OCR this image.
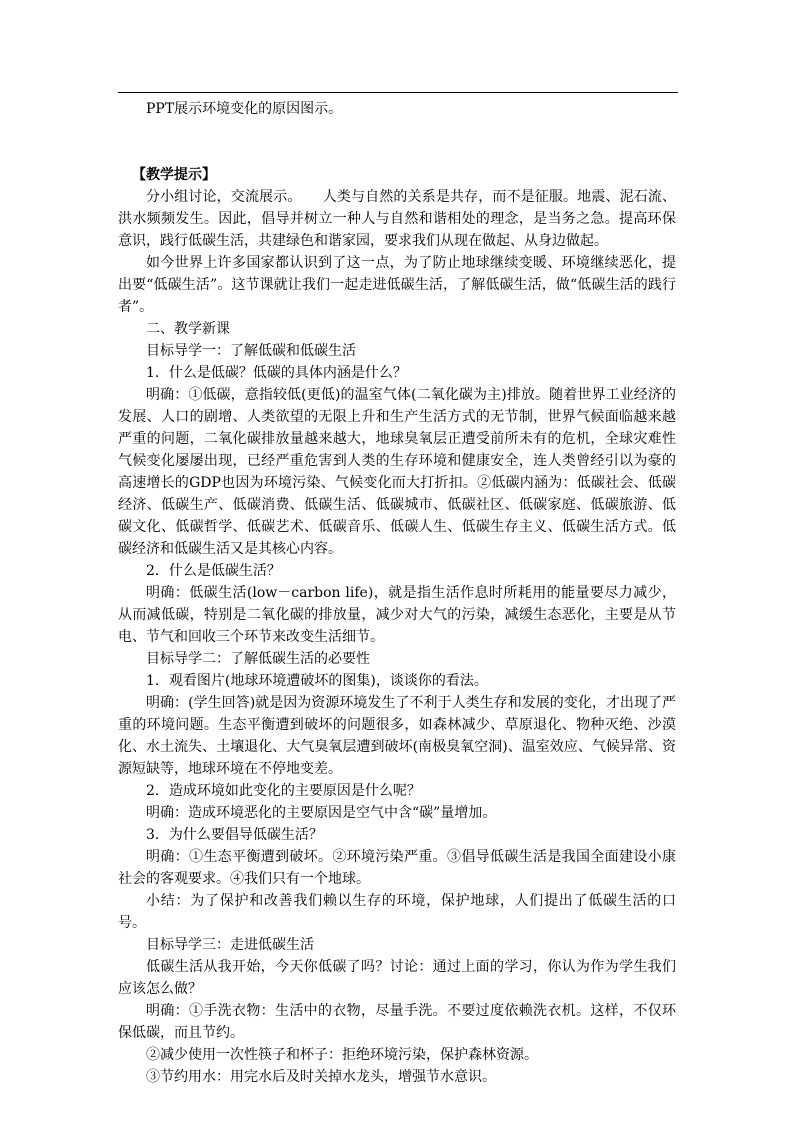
PPT展示环境变化的原因图示。

【教学提示】

分小组讨论，交流展示。　　人类与自然的关系是共存，而不是征服。地震、泥石流、洪水频频发生。因此，倡导并树立一种人与自然和谐相处的理念，是当务之急。提高环保意识，践行低碳生活，共建绿色和谐家园，要求我们从现在做起、从身边做起。

如今世界上许多国家都认识到了这一点，为了防止地球继续变暖、环境继续恶化，提出要“低碳生活”。这节课就让我们一起走进低碳生活，了解低碳生活，做“低碳生活的践行者”。

二、教学新课

目标导学一：了解低碳和低碳生活

1．什么是低碳？低碳的具体内涵是什么？

明确：①低碳，意指较低(更低)的温室气体(二氧化碳为主)排放。随着世界工业经济的发展、人口的剧增、人类欲望的无限上升和生产生活方式的无节制，世界气候面临越来越严重的问题，二氧化碳排放量越来越大，地球臭氧层正遭受前所未有的危机，全球灾难性气候变化屡屡出现，已经严重危害到人类的生存环境和健康安全，连人类曾经引以为豪的高速增长的GDP也因为环境污染、气候变化而大打折扣。②低碳内涵为：低碳社会、低碳经济、低碳生产、低碳消费、低碳生活、低碳城市、低碳社区、低碳家庭、低碳旅游、低碳文化、低碳哲学、低碳艺术、低碳音乐、低碳人生、低碳生存主义、低碳生活方式。低碳经济和低碳生活又是其核心内容。

2．什么是低碳生活？

明确：低碳生活(low－carbon life)，就是指生活作息时所耗用的能量要尽力减少，从而减低碳，特别是二氧化碳的排放量，减少对大气的污染，减缓生态恶化，主要是从节电、节气和回收三个环节来改变生活细节。

目标导学二：了解低碳生活的必要性

1．观看图片(地球环境遭破坏的图集)，谈谈你的看法。

明确：(学生回答)就是因为资源环境发生了不利于人类生存和发展的变化，才出现了严重的环境问题。生态平衡遭到破坏的问题很多，如森林减少、草原退化、物种灭绝、沙漠化、水土流失、土壤退化、大气臭氧层遭到破坏(南极臭氧空洞)、温室效应、气候异常、资源短缺等，地球环境在不停地变差。

2．造成环境如此变化的主要原因是什么呢？

明确：造成环境恶化的主要原因是空气中含“碳”量增加。

3．为什么要倡导低碳生活？

明确：①生态平衡遭到破坏。②环境污染严重。③倡导低碳生活是我国全面建设小康社会的客观要求。④我们只有一个地球。

小结：为了保护和改善我们赖以生存的环境，保护地球，人们提出了低碳生活的口号。

目标导学三：走进低碳生活

低碳生活从我开始，今天你低碳了吗？讨论：通过上面的学习，你认为作为学生我们应该怎么做？

明确：①手洗衣物：生活中的衣物，尽量手洗。不要过度依赖洗衣机。这样，不仅环保低碳，而且节约。

②减少使用一次性筷子和杯子：拒绝环境污染，保护森林资源。

③节约用水：用完水后及时关掉水龙头，增强节水意识。
